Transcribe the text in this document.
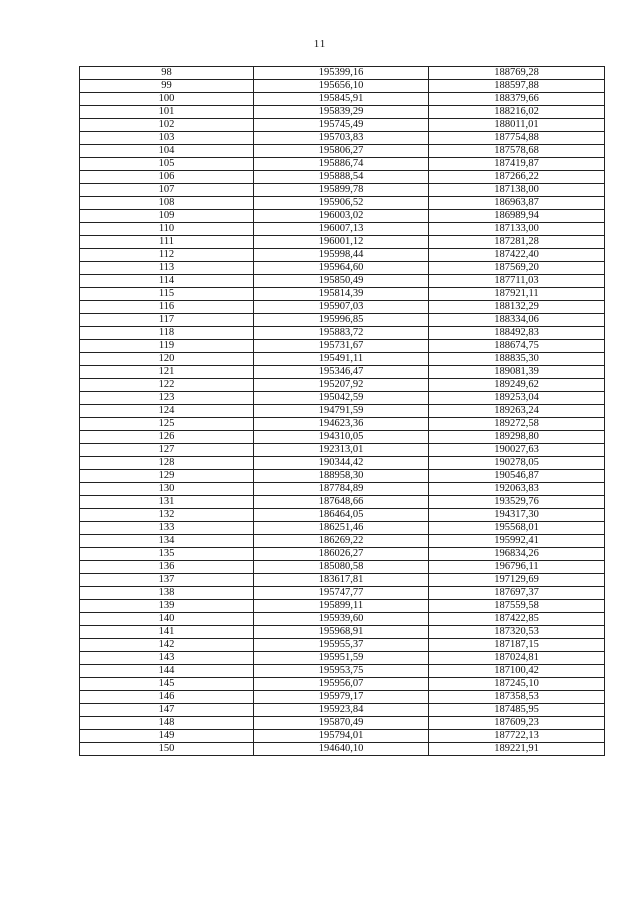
11
98	195399,16	188769,28
99	195656,10	188597,88
100	195845,91	188379,66
101	195839,29	188216,02
102	195745,49	188011,01
103	195703,83	187754,88
104	195806,27	187578,68
105	195886,74	187419,87
106	195888,54	187266,22
107	195899,78	187138,00
108	195906,52	186963,87
109	196003,02	186989,94
110	196007,13	187133,00
111	196001,12	187281,28
112	195998,44	187422,40
113	195964,60	187569,20
114	195850,49	187711,03
115	195814,39	187921,11
116	195907,03	188132,29
117	195996,85	188334,06
118	195883,72	188492,83
119	195731,67	188674,75
120	195491,11	188835,30
121	195346,47	189081,39
122	195207,92	189249,62
123	195042,59	189253,04
124	194791,59	189263,24
125	194623,36	189272,58
126	194310,05	189298,80
127	192313,01	190027,63
128	190344,42	190278,05
129	188958,30	190546,87
130	187784,89	192063,83
131	187648,66	193529,76
132	186464,05	194317,30
133	186251,46	195568,01
134	186269,22	195992,41
135	186026,27	196834,26
136	185080,58	196796,11
137	183617,81	197129,69
138	195747,77	187697,37
139	195899,11	187559,58
140	195939,60	187422,85
141	195968,91	187320,53
142	195955,37	187187,15
143	195951,59	187024,81
144	195953,75	187100,42
145	195956,07	187245,10
146	195979,17	187358,53
147	195923,84	187485,95
148	195870,49	187609,23
149	195794,01	187722,13
150	194640,10	189221,91
